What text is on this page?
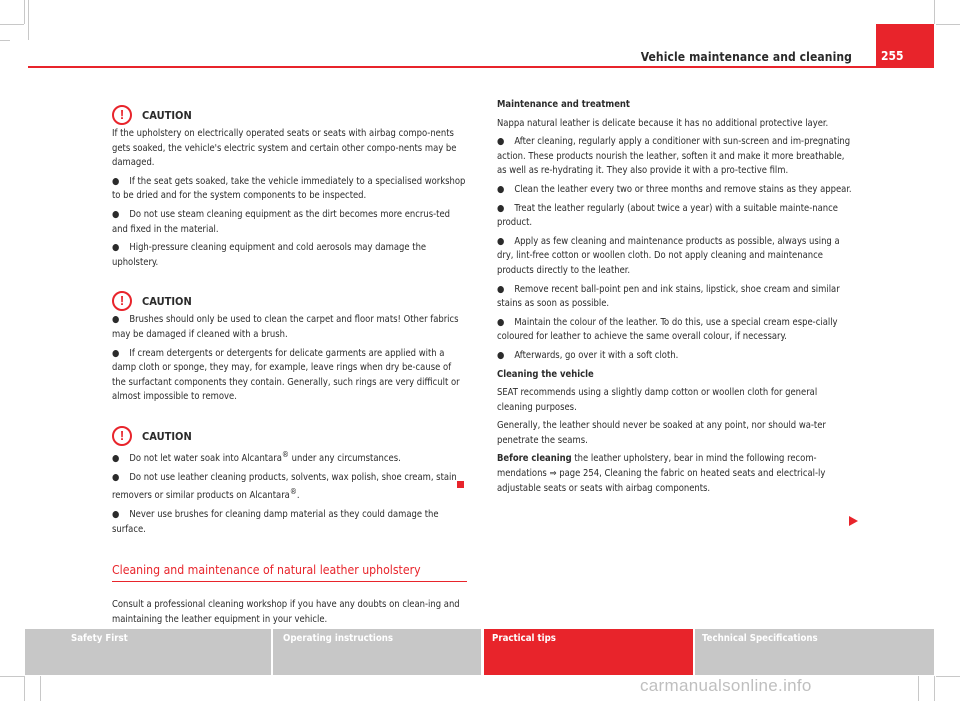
Vehicle maintenance and cleaning 255
!	CAUTION

If the upholstery on electrically operated seats or seats with airbag compo-nents gets soaked, the vehicle's electric system and certain other compo-nents may be damaged.

● If the seat gets soaked, take the vehicle immediately to a specialised workshop to be dried and for the system components to be inspected.

● Do not use steam cleaning equipment as the dirt becomes more encrus-ted and fixed in the material.

● High-pressure cleaning equipment and cold aerosols may damage the upholstery.

!	CAUTION

● Brushes should only be used to clean the carpet and floor mats! Other fabrics may be damaged if cleaned with a brush.

● If cream detergents or detergents for delicate garments are applied with a damp cloth or sponge, they may, for example, leave rings when dry be-cause of the surfactant components they contain. Generally, such rings are very difficult or almost impossible to remove.

!	CAUTION

● Do not let water soak into Alcantara® under any circumstances.

● Do not use leather cleaning products, solvents, wax polish, shoe cream, stain removers or similar products on Alcantara®.

● Never use brushes for cleaning damp material as they could damage the surface.

Cleaning and maintenance of natural leather upholstery

Consult a professional cleaning workshop if you have any doubts on clean-ing and maintaining the leather equipment in your vehicle.

Maintenance and treatment

Nappa natural leather is delicate because it has no additional protective layer.

● After cleaning, regularly apply a conditioner with sun-screen and im-pregnating action. These products nourish the leather, soften it and make it more breathable, as well as re-hydrating it. They also provide it with a pro-tective film.

● Clean the leather every two or three months and remove stains as they appear.

● Treat the leather regularly (about twice a year) with a suitable mainte-nance product.

● Apply as few cleaning and maintenance products as possible, always using a dry, lint-free cotton or woollen cloth. Do not apply cleaning and maintenance products directly to the leather.

● Remove recent ball-point pen and ink stains, lipstick, shoe cream and similar stains as soon as possible.

● Maintain the colour of the leather. To do this, use a special cream espe-cially coloured for leather to achieve the same overall colour, if necessary.

● Afterwards, go over it with a soft cloth.

Cleaning the vehicle

SEAT recommends using a slightly damp cotton or woollen cloth for general cleaning purposes.

Generally, the leather should never be soaked at any point, nor should wa-ter penetrate the seams.

Before cleaning the leather upholstery, bear in mind the following recom-mendations ⇒ page 254, Cleaning the fabric on heated seats and electrical-ly adjustable seats or seats with airbag components.

Safety First	Operating instructions	Practical tips	Technical Specifications
carmanualsonline.info
